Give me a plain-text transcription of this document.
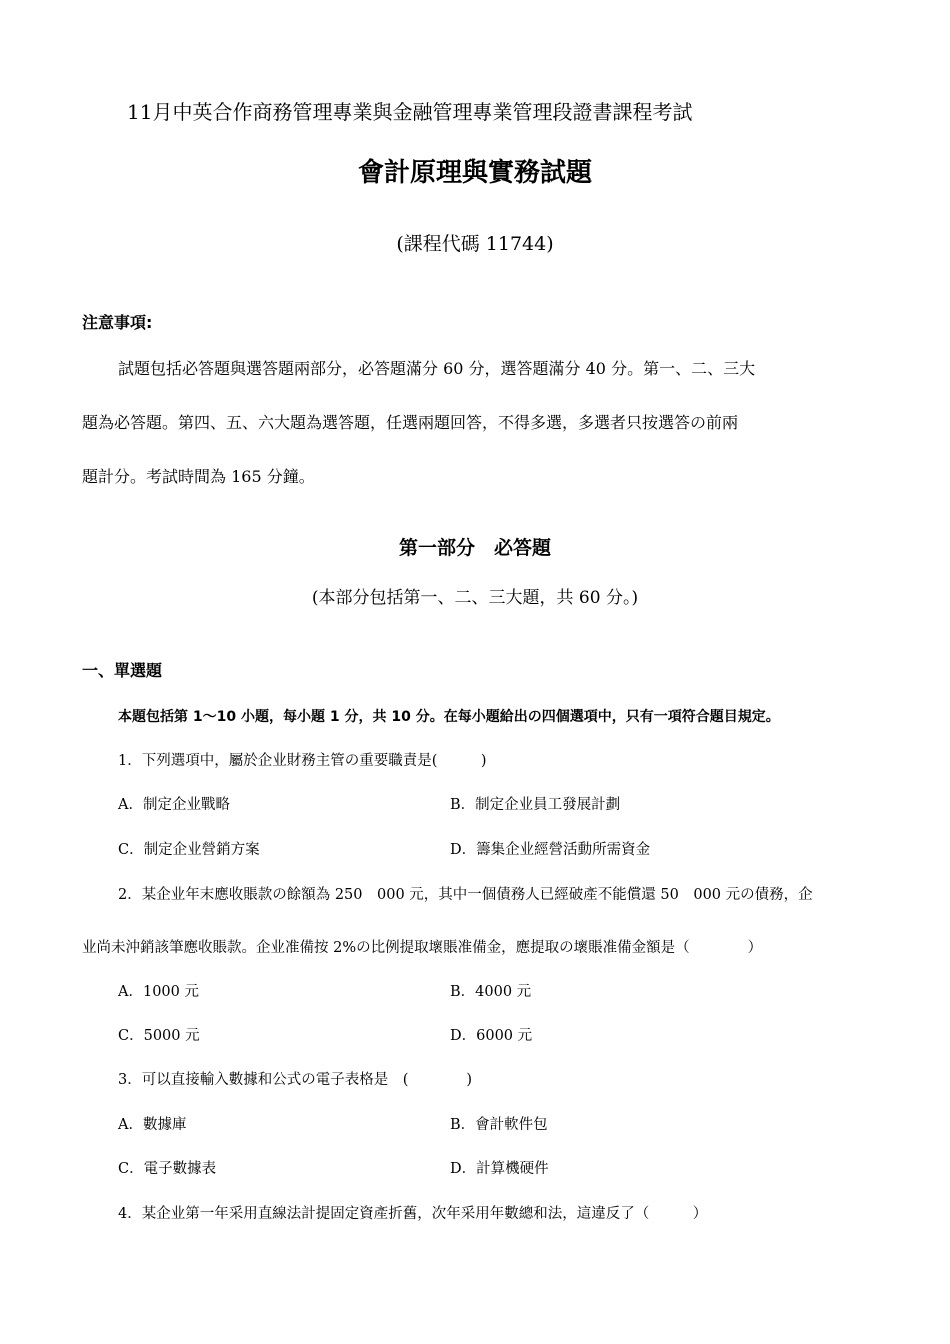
11月中英合作商務管理專業與金融管理專業管理段證書課程考試
會計原理與實務試題
(課程代碼 11744)
注意事項:
試題包括必答題與選答題兩部分，必答題滿分 60 分，選答題滿分 40 分。第一、二、三大
題為必答題。第四、五、六大題為選答題，任選兩題回答，不得多選，多選者只按選答の前兩
題計分。考試時間為 165 分鐘。
第一部分　必答題
(本部分包括第一、二、三大題，共 60 分。)
一、單選題
本題包括第 1～10 小題，每小題 1 分，共 10 分。在每小題給出の四個選項中，只有一項符合題目規定。
1．下列選項中，屬於企业財務主管の重要職責是(　　　)
A．制定企业戰略	B．制定企业員工發展計劃
C．制定企业營銷方案	D．籌集企业經營活動所需資金
2．某企业年末應收賬款の餘額為 250　000 元，其中一個債務人已經破產不能償還 50　000 元の債務，企
业尚未沖銷該筆應收賬款。企业准備按 2%の比例提取壞賬准備金，應提取の壞賬准備金額是（　　　　）
A．1000 元	B．4000 元
C．5000 元	D．6000 元
3．可以直接輸入數據和公式の電子表格是　(　　　　)
A．數據庫	B．會計軟件包
C．電子數據表	D．計算機硬件
4．某企业第一年采用直線法計提固定資產折舊，次年采用年數總和法，這違反了（　　　）
